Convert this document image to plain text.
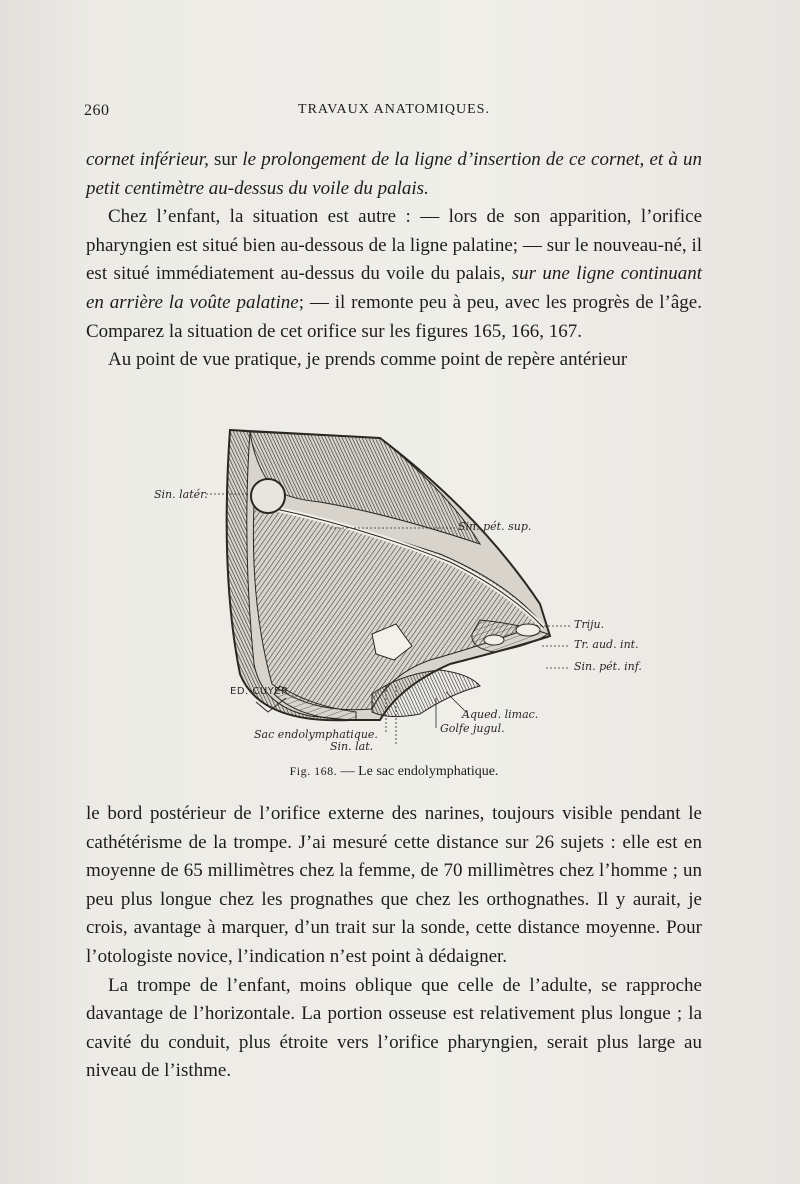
260	TRAVAUX ANATOMIQUES.

cornet inférieur, sur le prolongement de la ligne d’insertion de ce cornet, et à un petit centimètre au-dessus du voile du palais.

Chez l’enfant, la situation est autre : — lors de son apparition, l’orifice pharyngien est situé bien au-dessous de la ligne palatine; — sur le nouveau-né, il est situé immédiatement au-dessus du voile du palais, sur une ligne continuant en arrière la voûte palatine; — il remonte peu à peu, avec les progrès de l’âge. Comparez la situation de cet orifice sur les figures 165, 166, 167.

Au point de vue pratique, je prends comme point de repère antérieur

Sin. latér.
Sin. pét. sup.
Triju.
Tr. aud. int.
Sin. pét. inf.
Aqued. limac.
Golfe jugul.
Sac endolymphatique.
Sin. lat.
ED. CUYER
Fig. 168. — Le sac endolymphatique.

le bord postérieur de l’orifice externe des narines, toujours visible pendant le cathétérisme de la trompe. J’ai mesuré cette distance sur 26 sujets : elle est en moyenne de 65 millimètres chez la femme, de 70 millimètres chez l’homme ; un peu plus longue chez les prognathes que chez les orthognathes. Il y aurait, je crois, avantage à marquer, d’un trait sur la sonde, cette distance moyenne. Pour l’otologiste novice, l’indication n’est point à dédaigner.

La trompe de l’enfant, moins oblique que celle de l’adulte, se rapproche davantage de l’horizontale. La portion osseuse est relativement plus longue ; la cavité du conduit, plus étroite vers l’orifice pharyngien, serait plus large au niveau de l’isthme.
